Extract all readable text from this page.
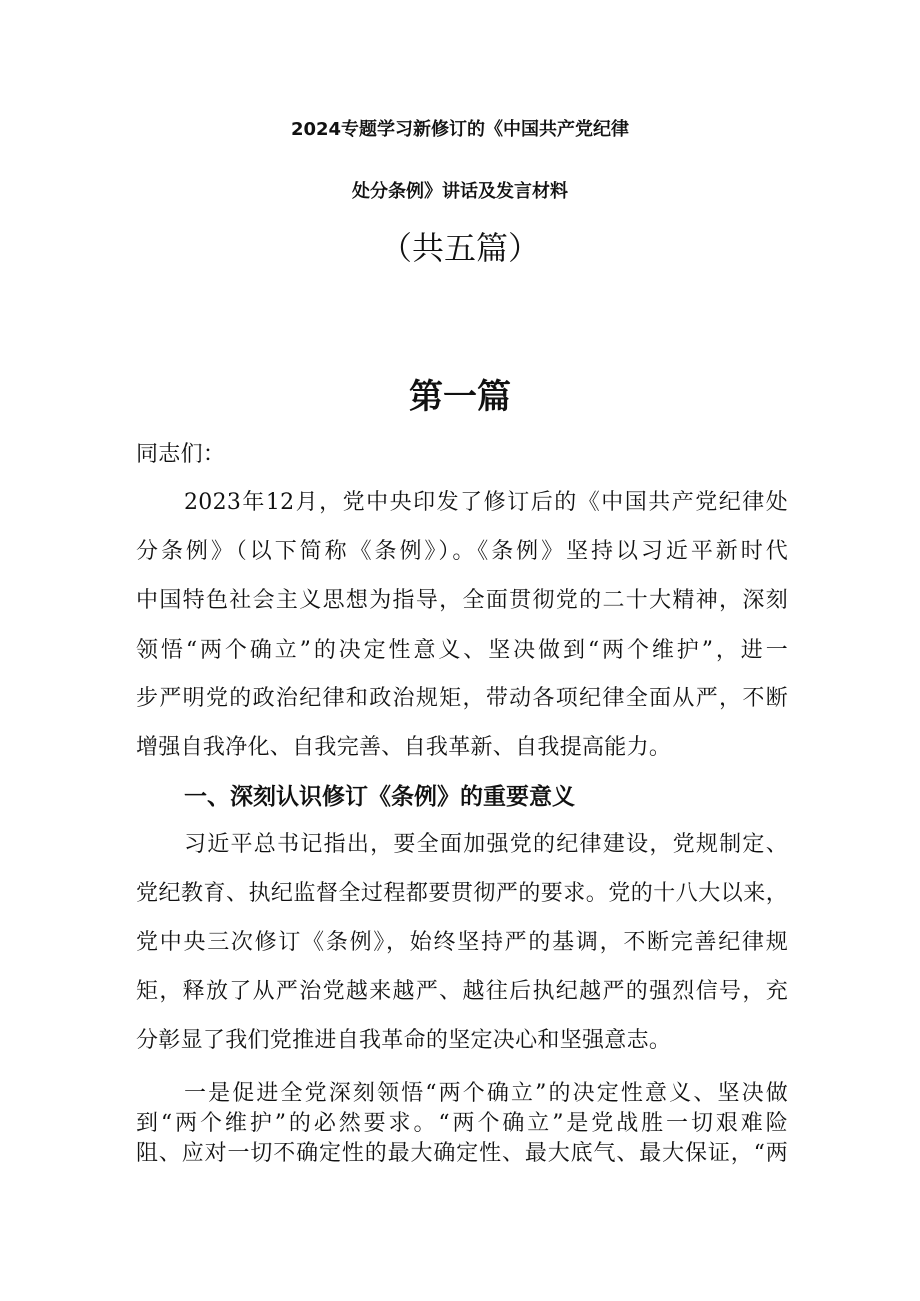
2024专题学习新修订的《中国共产党纪律
处分条例》讲话及发言材料
（共五篇）
第一篇
同志们：
2023年12月，党中央印发了修订后的《中国共产党纪律处
分条例》（以下简称《条例》）。《条例》坚持以习近平新时代
中国特色社会主义思想为指导，全面贯彻党的二十大精神，深刻
领悟“两个确立”的决定性意义、坚决做到“两个维护”，进一
步严明党的政治纪律和政治规矩，带动各项纪律全面从严，不断
增强自我净化、自我完善、自我革新、自我提高能力。
一、深刻认识修订《条例》的重要意义
习近平总书记指出，要全面加强党的纪律建设，党规制定、
党纪教育、执纪监督全过程都要贯彻严的要求。党的十八大以来，
党中央三次修订《条例》，始终坚持严的基调，不断完善纪律规
矩，释放了从严治党越来越严、越往后执纪越严的强烈信号，充
分彰显了我们党推进自我革命的坚定决心和坚强意志。
一是促进全党深刻领悟“两个确立”的决定性意义、坚决做
到“两个维护”的必然要求。“两个确立”是党战胜一切艰难险
阻、应对一切不确定性的最大确定性、最大底气、最大保证，“两
